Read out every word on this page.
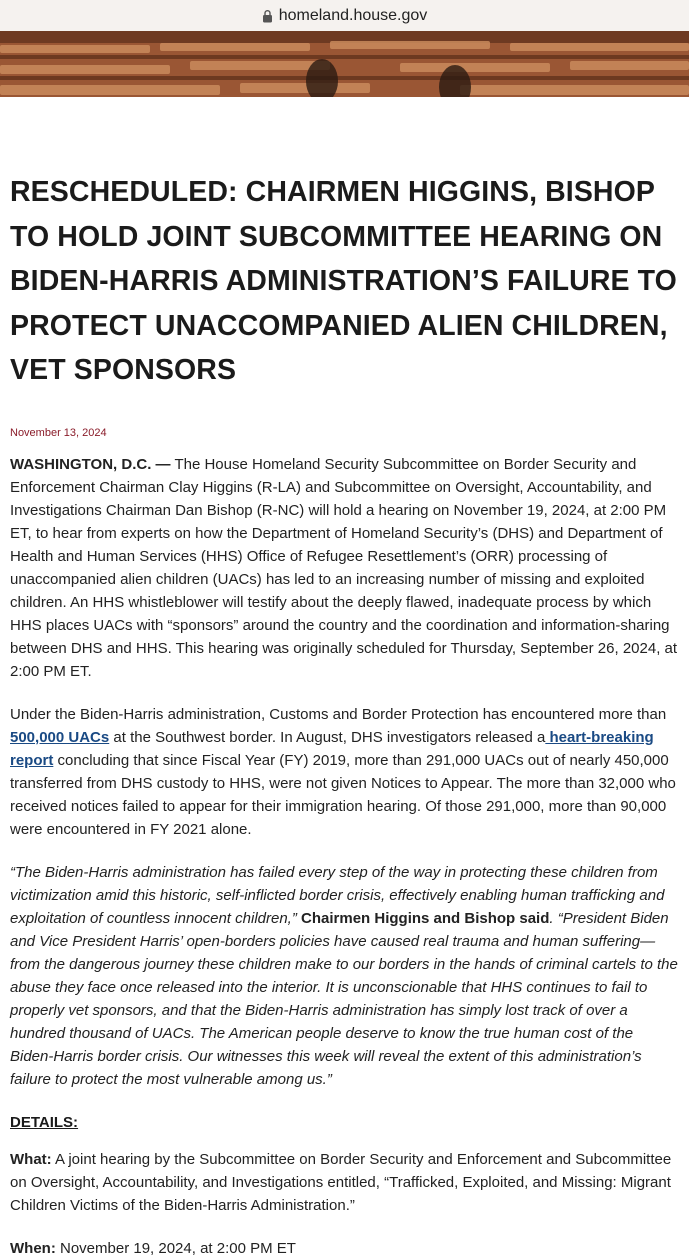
homeland.house.gov
RESCHEDULED: CHAIRMEN HIGGINS, BISHOP TO HOLD JOINT SUBCOMMITTEE HEARING ON BIDEN-HARRIS ADMINISTRATION’S FAILURE TO PROTECT UNACCOMPANIED ALIEN CHILDREN, VET SPONSORS
November 13, 2024

WASHINGTON, D.C. — The House Homeland Security Subcommittee on Border Security and Enforcement Chairman Clay Higgins (R-LA) and Subcommittee on Oversight, Accountability, and Investigations Chairman Dan Bishop (R-NC) will hold a hearing on November 19, 2024, at 2:00 PM ET, to hear from experts on how the Department of Homeland Security’s (DHS) and Department of Health and Human Services (HHS) Office of Refugee Resettlement’s (ORR) processing of unaccompanied alien children (UACs) has led to an increasing number of missing and exploited children. An HHS whistleblower will testify about the deeply flawed, inadequate process by which HHS places UACs with “sponsors” around the country and the coordination and information-sharing between DHS and HHS. This hearing was originally scheduled for Thursday, September 26, 2024, at 2:00 PM ET.

Under the Biden-Harris administration, Customs and Border Protection has encountered more than 500,000 UACs at the Southwest border. In August, DHS investigators released a heart-breaking report concluding that since Fiscal Year (FY) 2019, more than 291,000 UACs out of nearly 450,000 transferred from DHS custody to HHS, were not given Notices to Appear. The more than 32,000 who received notices failed to appear for their immigration hearing. Of those 291,000, more than 90,000 were encountered in FY 2021 alone.

“The Biden-Harris administration has failed every step of the way in protecting these children from victimization amid this historic, self-inflicted border crisis, effectively enabling human trafficking and exploitation of countless innocent children,” Chairmen Higgins and Bishop said. “President Biden and Vice President Harris’ open-borders policies have caused real trauma and human suffering—from the dangerous journey these children make to our borders in the hands of criminal cartels to the abuse they face once released into the interior. It is unconscionable that HHS continues to fail to properly vet sponsors, and that the Biden-Harris administration has simply lost track of over a hundred thousand of UACs. The American people deserve to know the true human cost of the Biden-Harris border crisis. Our witnesses this week will reveal the extent of this administration’s failure to protect the most vulnerable among us.”

DETAILS:

What: A joint hearing by the Subcommittee on Border Security and Enforcement and Subcommittee on Oversight, Accountability, and Investigations entitled, “Trafficked, Exploited, and Missing: Migrant Children Victims of the Biden-Harris Administration.”

When: November 19, 2024, at 2:00 PM ET
